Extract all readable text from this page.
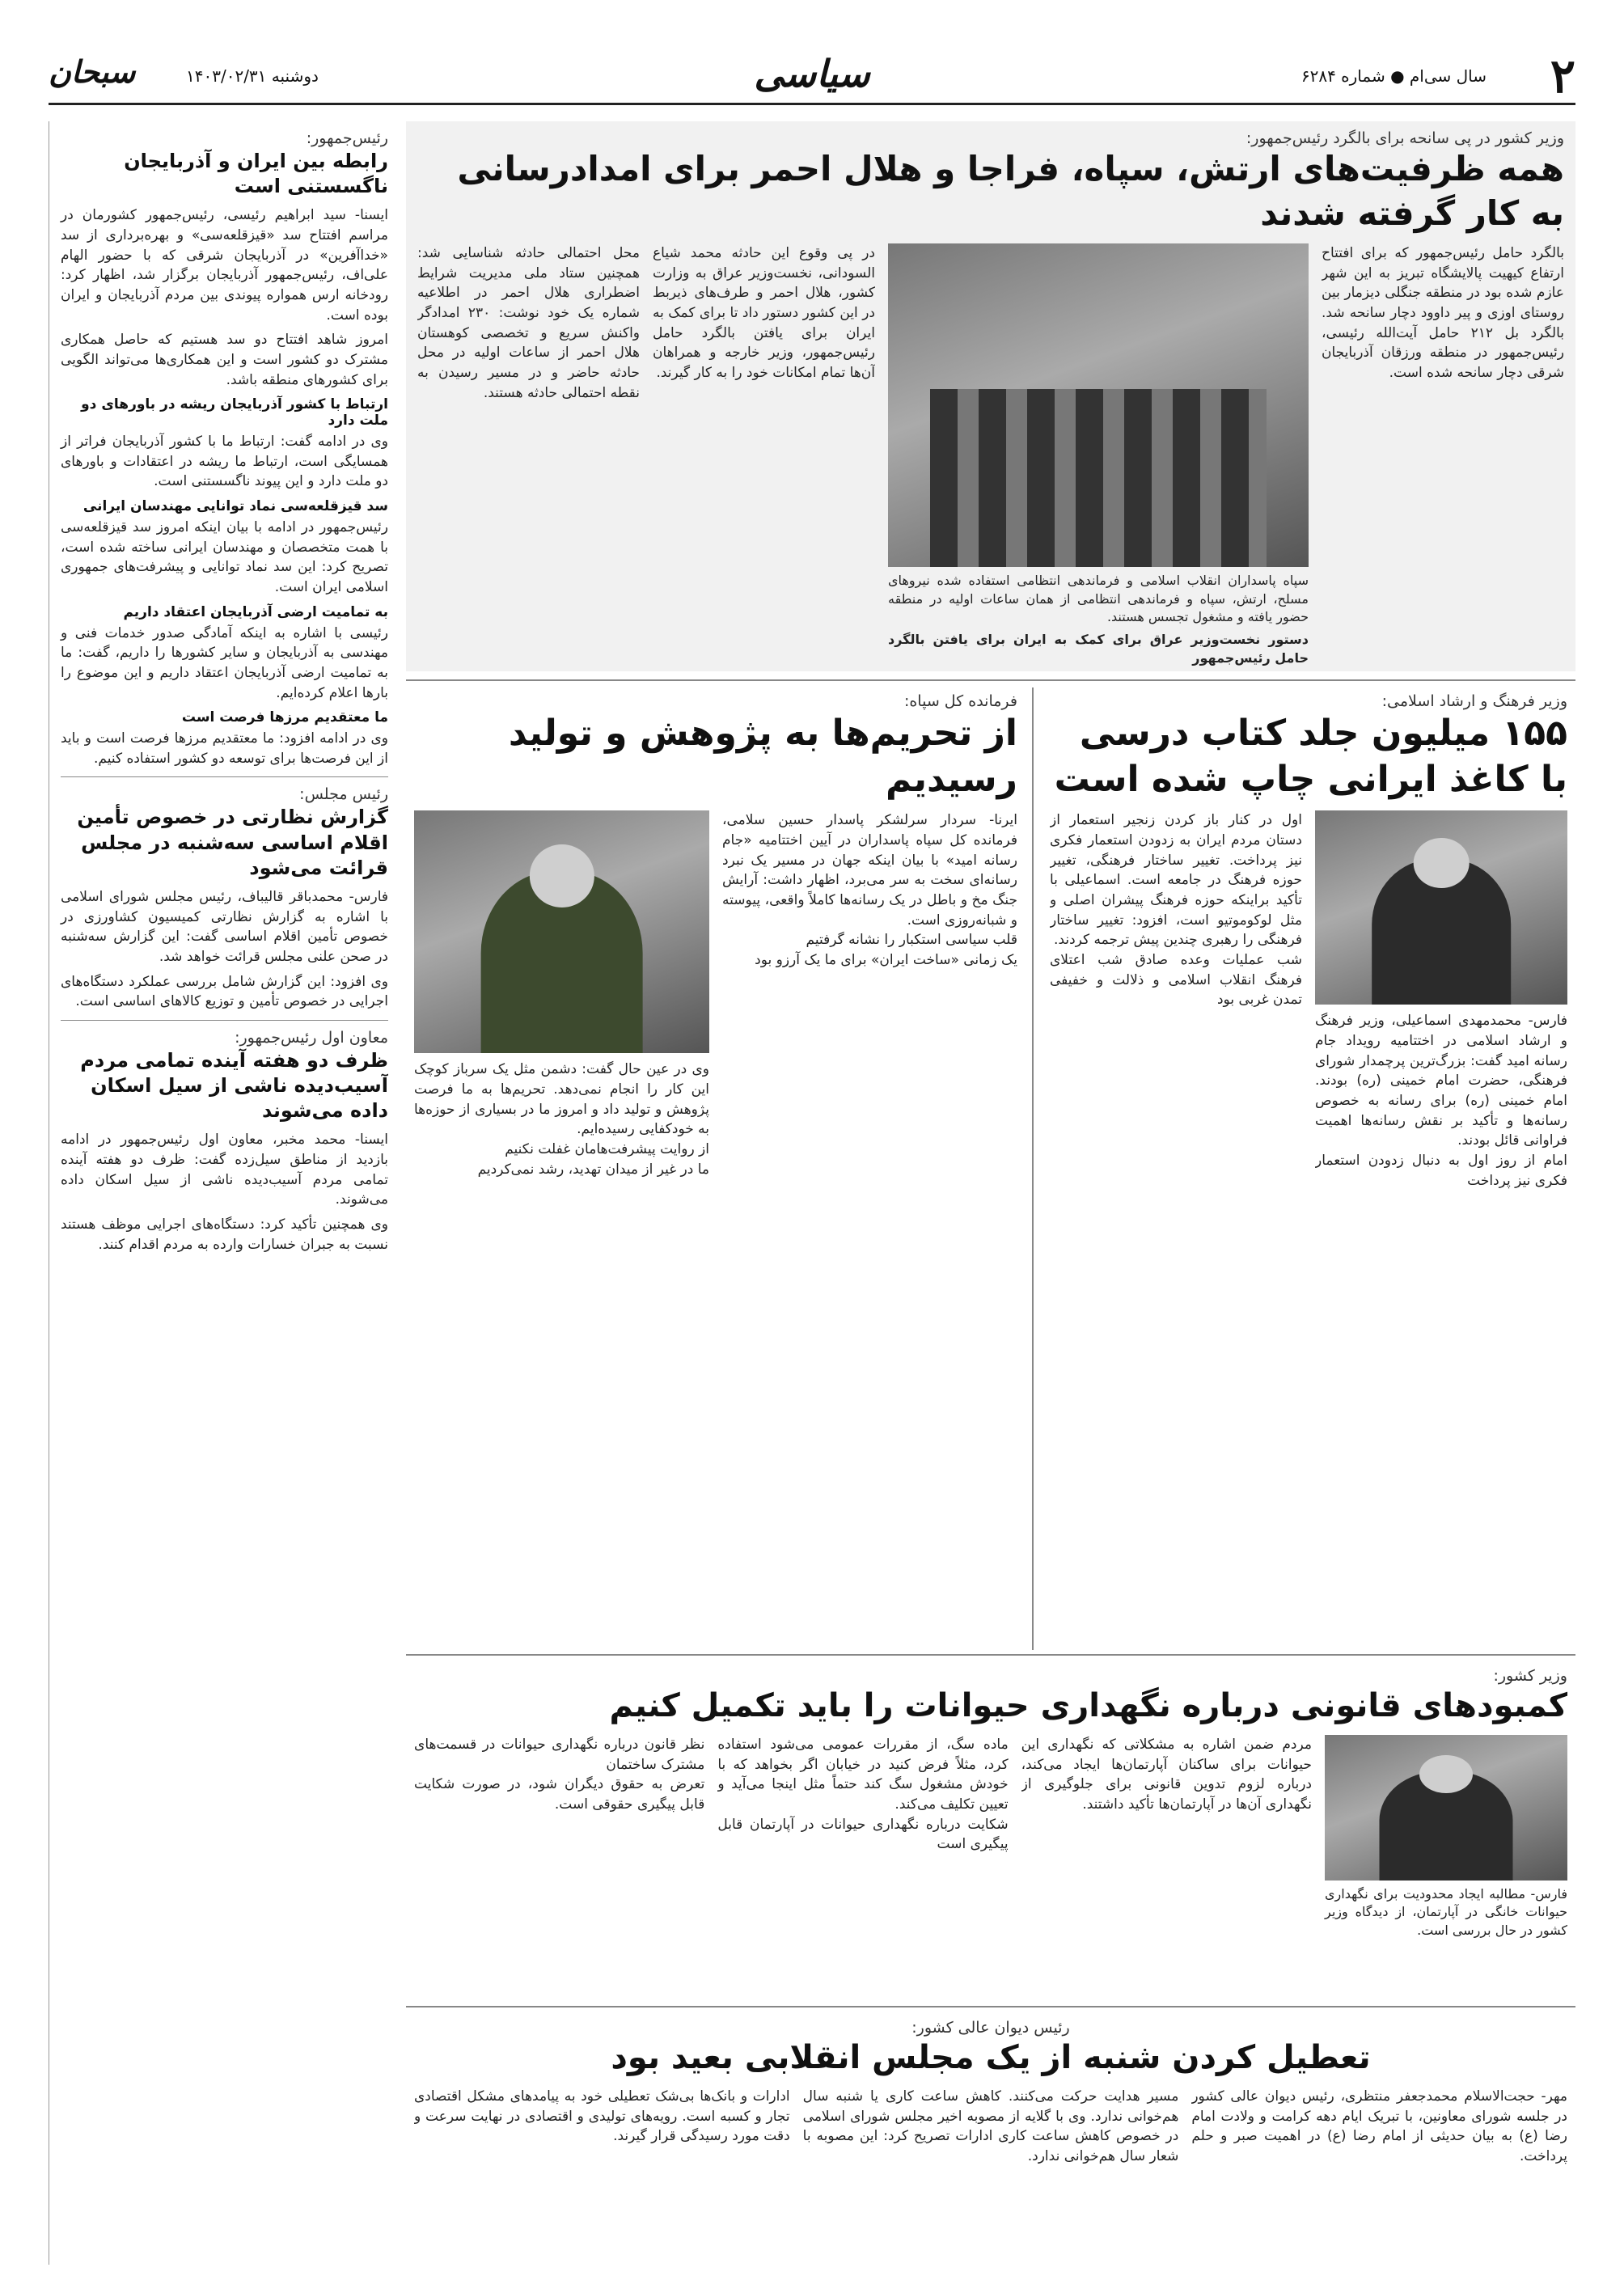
۲
سال سی‌ام ● شماره ۶۲۸۴
سیاسی
دوشنبه ۱۴۰۳/۰۲/۳۱
سبحان
رئیس‌جمهور:
رابطه بین ایران و آذربایجان ناگسستنی است

ایسنا- سید ابراهیم رئیسی، رئیس‌جمهور کشورمان در مراسم افتتاح سد «قیزقلعه‌سی» و بهره‌برداری از سد «خداآفرین» در آذربایجان شرقی که با حضور الهام علی‌اف، رئیس‌جمهور آذربایجان برگزار شد، اظهار کرد: رودخانه ارس همواره پیوندی بین مردم آذربایجان و ایران بوده است.

امروز شاهد افتتاح دو سد هستیم که حاصل همکاری مشترک دو کشور است و این همکاری‌ها می‌تواند الگویی برای کشورهای منطقه باشد.

ارتباط با کشور آذربایجان ریشه در باورهای دو ملت دارد

وی در ادامه گفت: ارتباط ما با کشور آذربایجان فراتر از همسایگی است، ارتباط ما ریشه در اعتقادات و باورهای دو ملت دارد و این پیوند ناگسستنی است.

سد قیزقلعه‌سی نماد توانایی مهندسان ایرانی

رئیس‌جمهور در ادامه با بیان اینکه امروز سد قیزقلعه‌سی با همت متخصصان و مهندسان ایرانی ساخته شده است، تصریح کرد: این سد نماد توانایی و پیشرفت‌های جمهوری اسلامی ایران است.

به تمامیت ارضی آذربایجان اعتقاد داریم

رئیسی با اشاره به اینکه آمادگی صدور خدمات فنی و مهندسی به آذربایجان و سایر کشورها را داریم، گفت: ما به تمامیت ارضی آذربایجان اعتقاد داریم و این موضوع را بارها اعلام کرده‌ایم.

ما معتقدیم مرزها فرصت است

وی در ادامه افزود: ما معتقدیم مرزها فرصت است و باید از این فرصت‌ها برای توسعه دو کشور استفاده کنیم.

رئیس مجلس:
گزارش نظارتی در خصوص تأمین اقلام اساسی سه‌شنبه در مجلس قرائت می‌شود

فارس- محمدباقر قالیباف، رئیس مجلس شورای اسلامی با اشاره به گزارش نظارتی کمیسیون کشاورزی در خصوص تأمین اقلام اساسی گفت: این گزارش سه‌شنبه در صحن علنی مجلس قرائت خواهد شد.

وی افزود: این گزارش شامل بررسی عملکرد دستگاه‌های اجرایی در خصوص تأمین و توزیع کالاهای اساسی است.

معاون اول رئیس‌جمهور:
ظرف دو هفته آینده تمامی مردم آسیب‌دیده ناشی از سیل اسکان داده می‌شوند

ایسنا- محمد مخبر، معاون اول رئیس‌جمهور در ادامه بازدید از مناطق سیل‌زده گفت: ظرف دو هفته آینده تمامی مردم آسیب‌دیده ناشی از سیل اسکان داده می‌شوند.

وی همچنین تأکید کرد: دستگاه‌های اجرایی موظف هستند نسبت به جبران خسارات وارده به مردم اقدام کنند.

وزیر کشور در پی سانحه برای بالگرد رئیس‌جمهور:
همه ظرفیت‌های ارتش، سپاه، فراجا و هلال احمر برای امدادرسانی به کار گرفته شدند
بالگرد حامل رئیس‌جمهور که برای افتتاح ارتفاع کیهیت پالایشگاه تبریز به این شهر عازم شده بود در منطقه جنگلی دیزمار بین روستای اوزی و پیر داوود دچار سانحه شد. بالگرد بل ۲۱۲ حامل آیت‌الله رئیسی، رئیس‌جمهور در منطقه ورزقان آذربایجان شرقی دچار سانحه شده است.
سپاه پاسداران انقلاب اسلامی و فرماندهی انتظامی استفاده شده نیروهای مسلح، ارتش، سپاه و فرماندهی انتظامی از همان ساعات اولیه در منطقه حضور یافته و مشغول تجسس هستند.
دستور نخست‌وزیر عراق برای کمک به ایران برای یافتن بالگرد حامل رئیس‌جمهور
در پی وقوع این حادثه محمد شیاع السودانی، نخست‌وزیر عراق به وزارت کشور، هلال احمر و طرف‌های ذیربط در این کشور دستور داد تا برای کمک به ایران برای یافتن بالگرد حامل رئیس‌جمهور، وزیر خارجه و همراهان آن‌ها تمام امکانات خود را به کار گیرند.
محل احتمالی حادثه شناسایی شد: همچنین ستاد ملی مدیریت شرایط اضطراری هلال احمر در اطلاعیه شماره یک خود نوشت: ۲۳۰ امدادگر واکنش سریع و تخصصی کوهستان هلال احمر از ساعات اولیه در محل حادثه حاضر و در مسیر رسیدن به نقطه احتمالی حادثه هستند.
وزیر فرهنگ و ارشاد اسلامی:
۱۵۵ میلیون جلد کتاب درسی با کاغذ ایرانی چاپ شده است
فارس- محمدمهدی اسماعیلی، وزیر فرهنگ و ارشاد اسلامی در اختتامیه رویداد جام رسانه امید گفت: بزرگ‌ترین پرچمدار شورای فرهنگی، حضرت امام خمینی (ره) بودند. امام خمینی (ره) برای رسانه به خصوص رسانه‌ها و تأکید بر نقش رسانه‌ها اهمیت فراوانی قائل بودند.
امام از روز اول به دنبال زدودن استعمار فکری نیز پرداخت
اول در کنار باز کردن زنجیر استعمار از دستان مردم ایران به زدودن استعمار فکری نیز پرداخت. تغییر ساختار فرهنگی، تغییر حوزه فرهنگ در جامعه است. اسماعیلی با تأکید براینکه حوزه فرهنگ پیشران اصلی و مثل لوکوموتیو است، افزود: تغییر ساختار فرهنگی را رهبری چندین پیش ترجمه کردند.
شب عملیات وعده صادق شب اعتلای فرهنگ انقلاب اسلامی و ذلالت و خفیفی تمدن غربی بود
فرمانده کل سپاه:
از تحریم‌ها به پژوهش و تولید رسیدیم
ایرنا- سردار سرلشکر پاسدار حسین سلامی، فرمانده کل سپاه پاسداران در آیین اختتامیه «جام رسانه امید» با بیان اینکه جهان در مسیر یک نبرد رسانه‌ای سخت به سر می‌برد، اظهار داشت: آرایش جنگ مخ و باطل در یک رسانه‌ها کاملاً واقعی، پیوسته و شبانه‌روزی است.
قلب سیاسی استکبار را نشانه گرفتیم
یک زمانی «ساخت ایران» برای ما یک آرزو بود
وی در عین حال گفت: دشمن مثل یک سرباز کوچک این کار را انجام نمی‌دهد. تحریم‌ها به ما فرصت پژوهش و تولید داد و امروز ما در بسیاری از حوزه‌ها به خودکفایی رسیده‌ایم.
از روایت پیشرفت‌هامان غفلت نکنیم
ما در غیر از میدان تهدید، رشد نمی‌کردیم
وزیر کشور:
کمبودهای قانونی درباره نگهداری حیوانات را باید تکمیل کنیم
فارس- مطالبه ایجاد محدودیت برای نگهداری حیوانات خانگی در آپارتمان، از دیدگاه وزیر کشور در حال بررسی است.
مردم ضمن اشاره به مشکلاتی که نگهداری این حیوانات برای ساکنان آپارتمان‌ها ایجاد می‌کند، درباره لزوم تدوین قانونی برای جلوگیری از نگهداری آن‌ها در آپارتمان‌ها تأکید داشتند.
ماده سگ، از مقررات عمومی می‌شود استفاده کرد، مثلاً فرض کنید در خیابان اگر بخواهد که با خودش مشغول سگ کند حتماً مثل اینجا می‌آید و تعیین تکلیف می‌کند.
شکایت درباره نگهداری حیوانات در آپارتمان قابل پیگیری است
نظر قانون درباره نگهداری حیوانات در قسمت‌های مشترک ساختمان
تعرض به حقوق دیگران شود، در صورت شکایت قابل پیگیری حقوقی است.
رئیس دیوان عالی کشور:
تعطیل کردن شنبه از یک مجلس انقلابی بعید بود
مهر- حجت‌الاسلام محمدجعفر منتظری، رئیس دیوان عالی کشور در جلسه شورای معاونین، با تبریک ایام دهه کرامت و ولادت امام رضا (ع) به بیان حدیثی از امام رضا (ع) در اهمیت صبر و حلم پرداخت.
مسیر هدایت حرکت می‌کنند. کاهش ساعت کاری یا شنبه سال هم‌خوانی ندارد. وی با گلایه از مصوبه اخیر مجلس شورای اسلامی در خصوص کاهش ساعت کاری ادارات تصریح کرد: این مصوبه با شعار سال هم‌خوانی ندارد.
ادارات و بانک‌ها بی‌شک تعطیلی خود به پیامدهای مشکل اقتصادی تجار و کسبه است. رویه‌های تولیدی و اقتصادی در نهایت سرعت و دقت مورد رسیدگی قرار گیرند.
